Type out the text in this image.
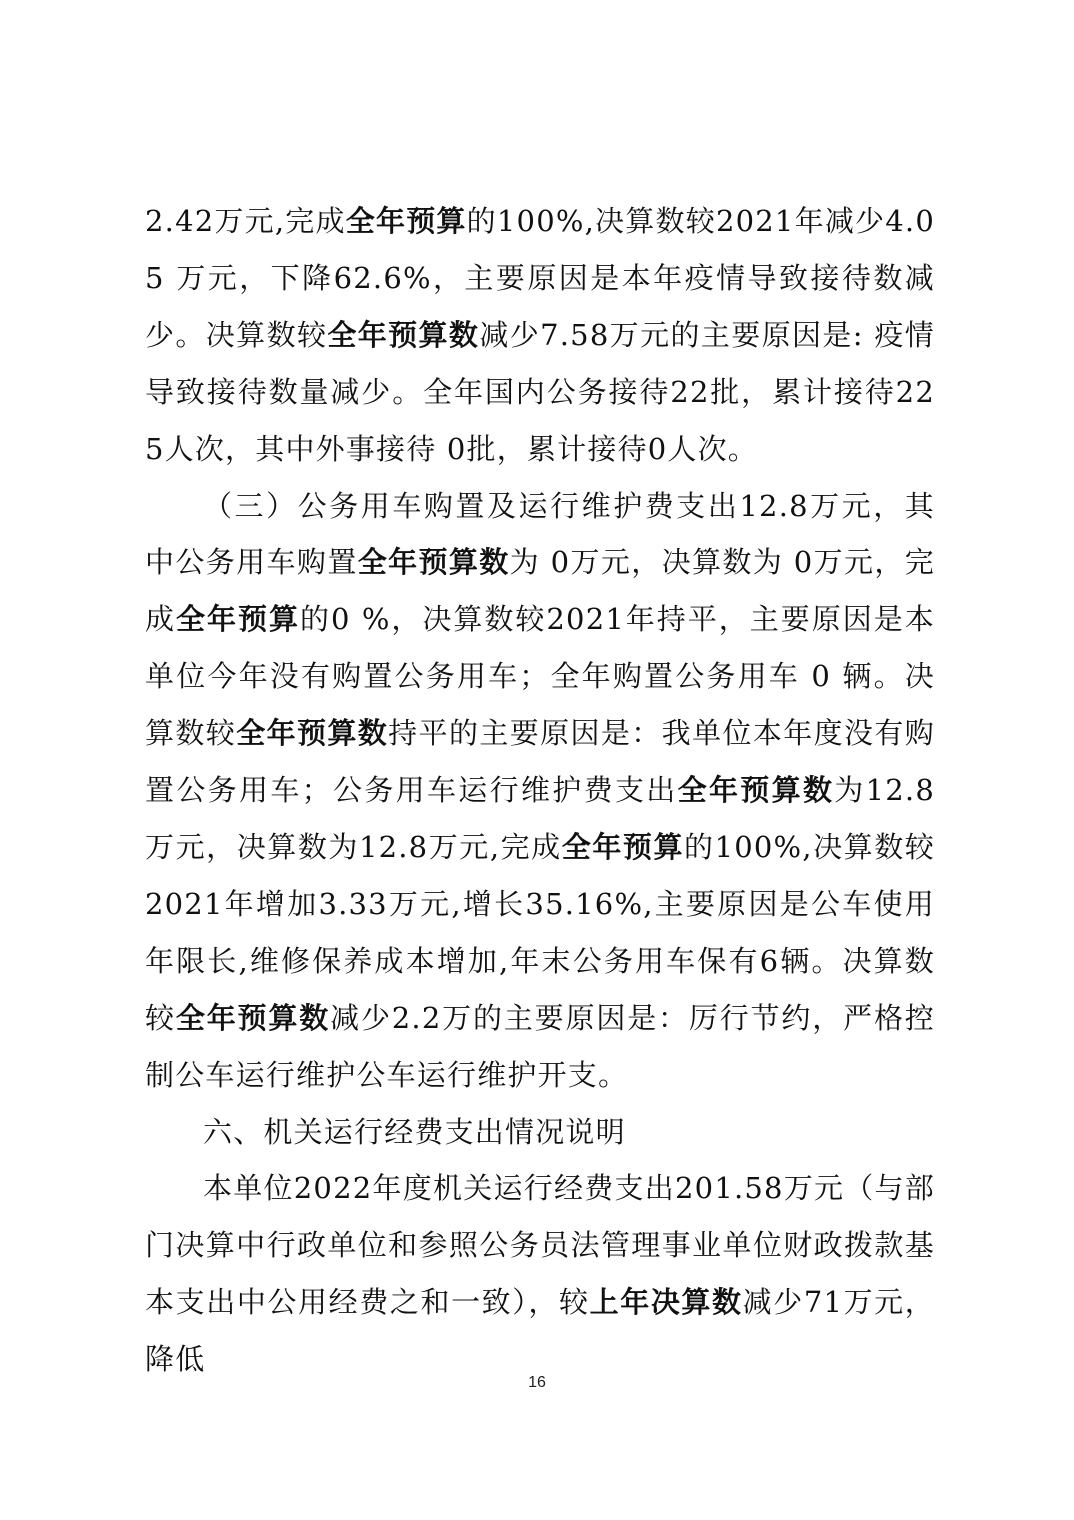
2.42万元,完成全年预算的100%,决算数较2021年减少4.05 万元，下降62.6%，主要原因是本年疫情导致接待数减少。决算数较全年预算数减少7.58万元的主要原因是: 疫情导致接待数量减少。全年国内公务接待22批，累计接待225人次，其中外事接待 0批，累计接待0人次。

（三）公务用车购置及运行维护费支出12.8万元，其中公务用车购置全年预算数为 0万元，决算数为 0万元，完成全年预算的0 %，决算数较2021年持平，主要原因是本单位今年没有购置公务用车；全年购置公务用车 0 辆。决算数较全年预算数持平的主要原因是：我单位本年度没有购置公务用车；公务用车运行维护费支出全年预算数为12.8万元，决算数为12.8万元,完成全年预算的100%,决算数较2021年增加3.33万元,增长35.16%,主要原因是公车使用年限长,维修保养成本增加,年末公务用车保有6辆。决算数较全年预算数减少2.2万的主要原因是：厉行节约，严格控制公车运行维护公车运行维护开支。

六、机关运行经费支出情况说明

本单位2022年度机关运行经费支出201.58万元（与部门决算中行政单位和参照公务员法管理事业单位财政拨款基本支出中公用经费之和一致），较上年决算数减少71万元，降低

16
